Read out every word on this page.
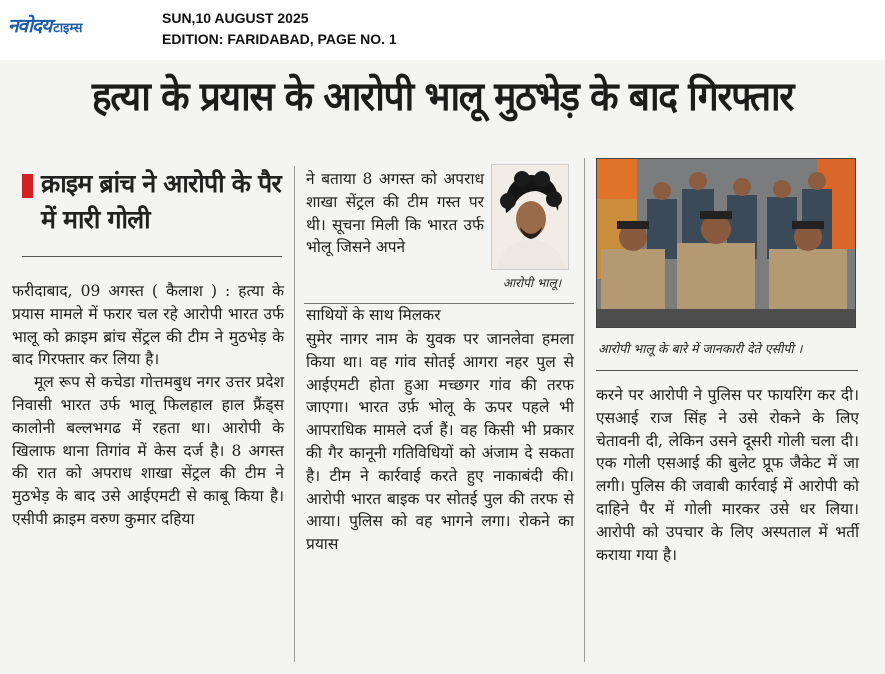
नवोदय टाइम्स
SUN,10 AUGUST 2025
EDITION: FARIDABAD, PAGE NO. 1
हत्या के प्रयास के आरोपी भालू मुठभेड़ के बाद गिरफ्तार
क्राइम ब्रांच ने आरोपी के पैर में मारी गोली

फरीदाबाद, 09 अगस्त ( कैलाश ) : हत्या के प्रयास मामले में फरार चल रहे आरोपी भारत उर्फ भालू को क्राइम ब्रांच सेंट्रल की टीम ने मुठभेड़ के बाद गिरफ्तार कर लिया है।

मूल रूप से कचेडा गोत्तमबुध नगर उत्तर प्रदेश निवासी भारत उर्फ भालू फिलहाल हाल फ्रैंड्स कालोनी बल्लभगढ में रहता था। आरोपी के खिलाफ थाना तिगांव में केस दर्ज है। 8 अगस्त की रात को अपराध शाखा सेंट्रल की टीम ने मुठभेड़ के बाद उसे आईएमटी से काबू किया है।एसीपी क्राइम वरुण कुमार दहिया

ने बताया 8 अगस्त को अपराध शाखा सेंट्रल की टीम गस्त पर थी। सूचना मिली कि भारत उर्फ भोलू जिसने अपने
आरोपी भालू।
साथियों के साथ मिलकर
सुमेर नागर नाम के युवक पर जानलेवा हमला किया था। वह गांव सोतई आगरा नहर पुल से आईएमटी होता हुआ मच्छगर गांव की तरफ जाएगा। भारत उर्फ़ भोलू के ऊपर पहले भी आपराधिक मामले दर्ज हैं। वह किसी भी प्रकार की गैर कानूनी गतिविधियों को अंजाम दे सकता है। टीम ने कार्रवाई करते हुए नाकाबंदी की। आरोपी भारत बाइक पर सोतई पुल की तरफ से आया। पुलिस को वह भागने लगा। रोकने का प्रयास
आरोपी भालू के बारे में जानकारी देते एसीपी ।
करने पर आरोपी ने पुलिस पर फायरिंग कर दी। एसआई राज सिंह ने उसे रोकने के लिए चेतावनी दी, लेकिन उसने दूसरी गोली चला दी। एक गोली एसआई की बुलेट प्रूफ जैकेट में जा लगी। पुलिस की जवाबी कार्रवाई में आरोपी को दाहिने पैर में गोली मारकर उसे धर लिया। आरोपी को उपचार के लिए अस्पताल में भर्ती कराया गया है।
